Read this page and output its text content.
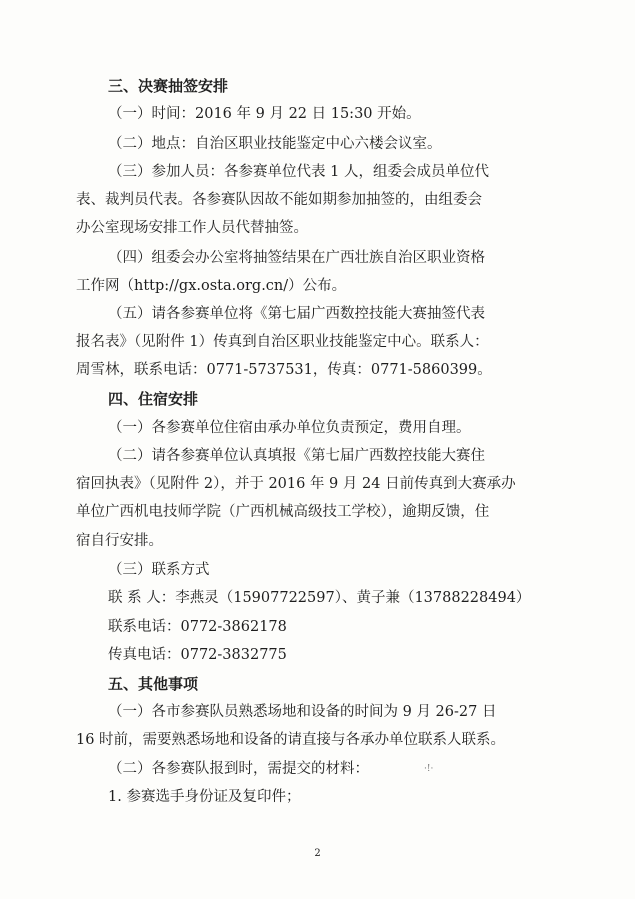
三、决赛抽签安排
（一）时间：2016 年 9 月 22 日 15:30 开始。
（二）地点：自治区职业技能鉴定中心六楼会议室。
（三）参加人员：各参赛单位代表 1 人，组委会成员单位代
表、裁判员代表。各参赛队因故不能如期参加抽签的，由组委会
办公室现场安排工作人员代替抽签。
（四）组委会办公室将抽签结果在广西壮族自治区职业资格
工作网（http://gx.osta.org.cn/）公布。
（五）请各参赛单位将《第七届广西数控技能大赛抽签代表
报名表》（见附件 1）传真到自治区职业技能鉴定中心。联系人：
周雪林，联系电话：0771-5737531，传真：0771-5860399。
四、住宿安排
（一）各参赛单位住宿由承办单位负责预定，费用自理。
（二）请各参赛单位认真填报《第七届广西数控技能大赛住
宿回执表》（见附件 2），并于 2016 年 9 月 24 日前传真到大赛承办
单位广西机电技师学院（广西机械高级技工学校），逾期反馈，住
宿自行安排。
（三）联系方式
联 系 人：李燕灵（15907722597）、黄子兼（13788228494）
联系电话：0772-3862178
传真电话：0772-3832775
五、其他事项
（一）各市参赛队员熟悉场地和设备的时间为 9 月 26-27 日
16 时前，需要熟悉场地和设备的请直接与各承办单位联系人联系。
（二）各参赛队报到时，需提交的材料：
1. 参赛选手身份证及复印件；
·!·
2
